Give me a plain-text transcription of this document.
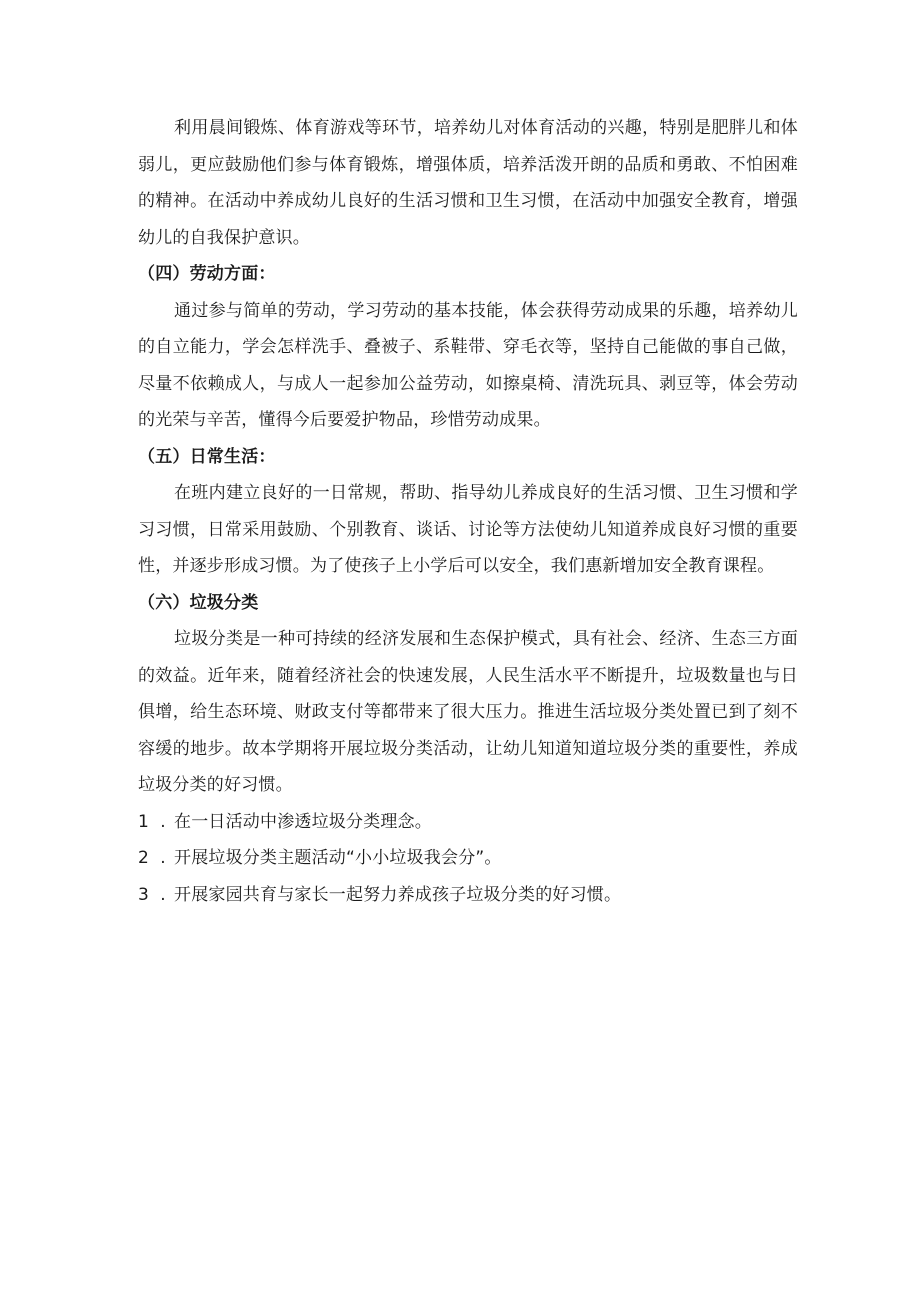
利用晨间锻炼、体育游戏等环节，培养幼儿对体育活动的兴趣，特别是肥胖儿和体弱儿，更应鼓励他们参与体育锻炼，增强体质，培养活泼开朗的品质和勇敢、不怕困难的精神。在活动中养成幼儿良好的生活习惯和卫生习惯，在活动中加强安全教育，增强幼儿的自我保护意识。

（四）劳动方面：

通过参与简单的劳动，学习劳动的基本技能，体会获得劳动成果的乐趣，培养幼儿的自立能力，学会怎样洗手、叠被子、系鞋带、穿毛衣等，坚持自己能做的事自己做，尽量不依赖成人，与成人一起参加公益劳动，如擦桌椅、清洗玩具、剥豆等，体会劳动的光荣与辛苦，懂得今后要爱护物品，珍惜劳动成果。

（五）日常生活：

在班内建立良好的一日常规，帮助、指导幼儿养成良好的生活习惯、卫生习惯和学习习惯，日常采用鼓励、个别教育、谈话、讨论等方法使幼儿知道养成良好习惯的重要性，并逐步形成习惯。为了使孩子上小学后可以安全，我们惠新增加安全教育课程。

（六）垃圾分类

垃圾分类是一种可持续的经济发展和生态保护模式，具有社会、经济、生态三方面的效益。近年来，随着经济社会的快速发展，人民生活水平不断提升，垃圾数量也与日俱增，给生态环境、财政支付等都带来了很大压力。推进生活垃圾分类处置已到了刻不容缓的地步。故本学期将开展垃圾分类活动，让幼儿知道知道垃圾分类的重要性，养成垃圾分类的好习惯。

1 . 在一日活动中渗透垃圾分类理念。

2 . 开展垃圾分类主题活动“小小垃圾我会分”。

3 . 开展家园共育与家长一起努力养成孩子垃圾分类的好习惯。
